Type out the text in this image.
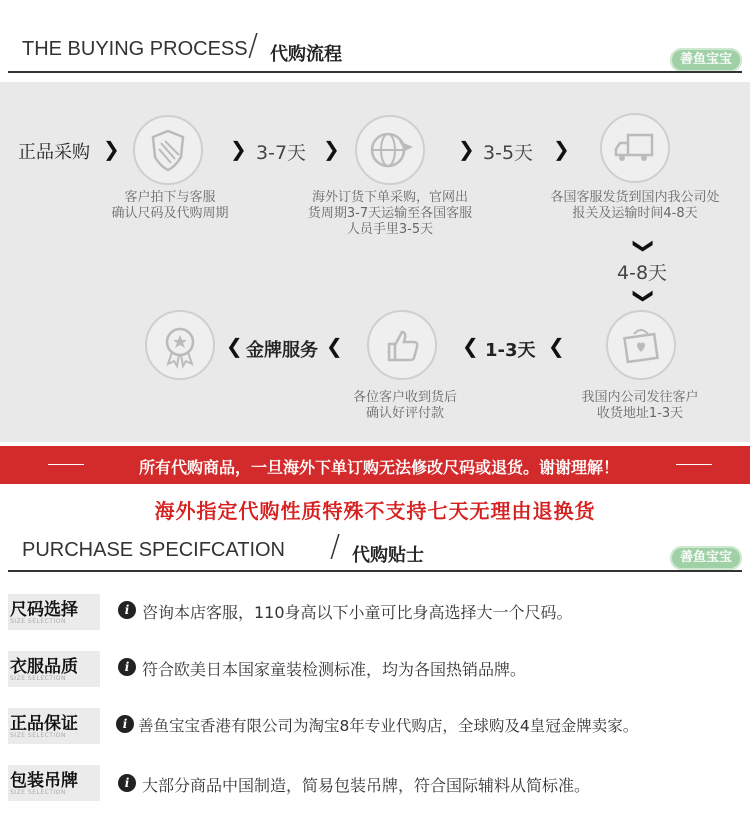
THE BUYING PROCESS / 代购流程	善鱼宝宝
正品采购 ❯
客户拍下与客服
确认尺码及代购周期
❯ 3-7天 ❯
海外订货下单采购，官网出
货周期3-7天运输至各国客服
人员手里3-5天
❯ 3-5天 ❯
各国客服发货到国内我公司处
报关及运输时间4-8天
❯
4-8天
❯
我国内公司发往客户
收货地址1-3天
❮
1-3天
❮
各位客户收到货后
确认好评付款
❮
金牌服务
❮
所有代购商品，一旦海外下单订购无法修改尺码或退货。谢谢理解！
海外指定代购性质特殊不支持七天无理由退换货
PURCHASE SPECIFCATION / 代购贴士	善鱼宝宝
尺码选择
SIZE SELECTION
i 咨询本店客服，110身高以下小童可比身高选择大一个尺码。
衣服品质
SIZE SELECTION
i 符合欧美日本国家童装检测标准，均为各国热销品牌。
正品保证
SIZE SELECTION
i 善鱼宝宝香港有限公司为淘宝8年专业代购店，全球购及4皇冠金牌卖家。
包装吊牌
SIZE SELECTION
i 大部分商品中国制造，简易包装吊牌，符合国际辅料从简标准。
